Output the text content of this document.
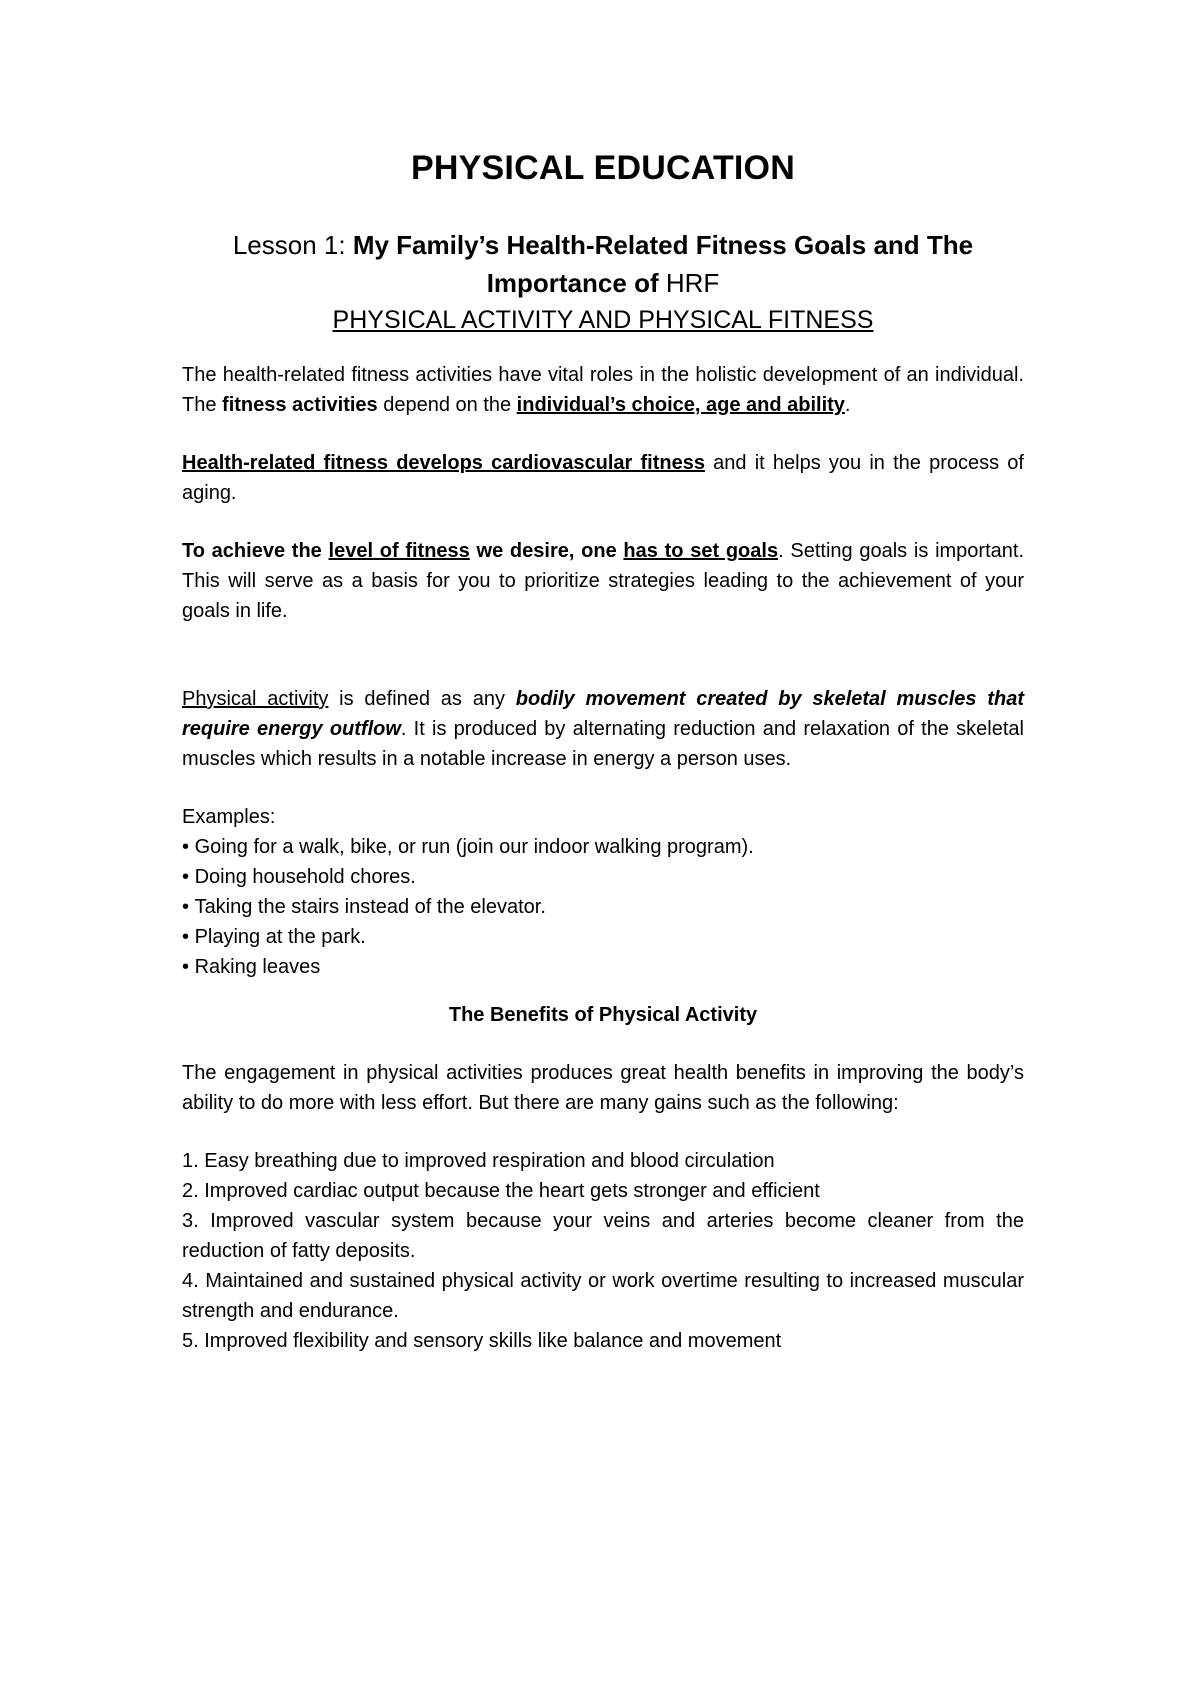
PHYSICAL EDUCATION
Lesson 1: My Family’s Health-Related Fitness Goals and The Importance of HRF
PHYSICAL ACTIVITY AND PHYSICAL FITNESS

The health-related fitness activities have vital roles in the holistic development of an individual. The fitness activities depend on the individual’s choice, age and ability.

Health-related fitness develops cardiovascular fitness and it helps you in the process of aging.

To achieve the level of fitness we desire, one has to set goals. Setting goals is important. This will serve as a basis for you to prioritize strategies leading to the achievement of your goals in life.

Physical activity is defined as any bodily movement created by skeletal muscles that require energy outflow. It is produced by alternating reduction and relaxation of the skeletal muscles which results in a notable increase in energy a person uses.

Examples:
• Going for a walk, bike, or run (join our indoor walking program).
• Doing household chores.
• Taking the stairs instead of the elevator.
• Playing at the park.
• Raking leaves
The Benefits of Physical Activity

The engagement in physical activities produces great health benefits in improving the body’s ability to do more with less effort. But there are many gains such as the following:

1. Easy breathing due to improved respiration and blood circulation
2. Improved cardiac output because the heart gets stronger and efficient
3. Improved vascular system because your veins and arteries become cleaner from the reduction of fatty deposits.
4. Maintained and sustained physical activity or work overtime resulting to increased muscular strength and endurance.
5. Improved flexibility and sensory skills like balance and movement
